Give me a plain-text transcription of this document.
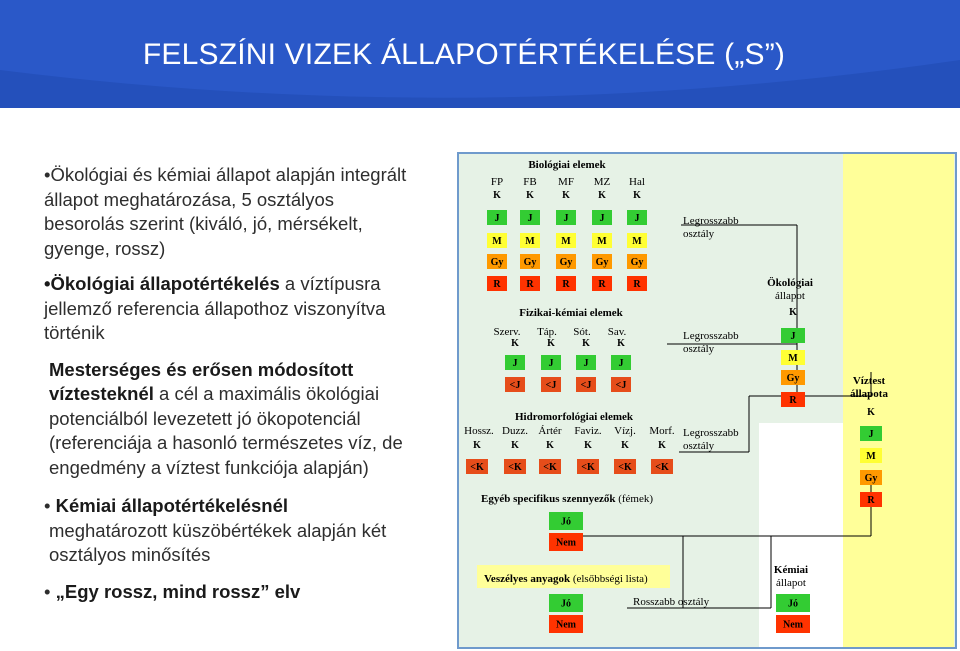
FELSZÍNI VIZEK ÁLLAPOTÉRTÉKELÉSE („S”)

•Ökológiai és kémiai állapot alapján integrált
állapot meghatározása, 5 osztályos
besorolás szerint (kiváló, jó, mérsékelt,
gyenge, rossz)

•Ökológiai állapotértékelés a víztípusra
jellemző referencia állapothoz viszonyítva
történik

Mesterséges és erősen módosított
víztesteknél a cél a maximális ökológiai
potenciálból levezetett jó ökopotenciál
(referenciája a hasonló természetes víz, de
engedmény a víztest funkciója alapján)

• Kémiai állapotértékelésnél
meghatározott küszöbértékek alapján két
osztályos minősítés

• „Egy rossz, mind rossz” elv

Biológiai elemek
FP
K
J
M
Gy
R
FB
K
J
M
Gy
R
MF
K
J
M
Gy
R
MZ
K
J
M
Gy
R
Hal
K
J
M
Gy
R
Legrosszabb
osztály
Legrosszabb
osztály
Legrosszabb
osztály
Fizikai-kémiai elemek
Szerv.
K
J
<J
Táp.
K
J
<J
Sót.
K
J
<J
Sav.
K
J
<J
Hidromorfológiai elemek
Hossz.
K
<K
Duzz.
K
<K
Ártér
K
<K
Faviz.
K
<K
Vízj.
K
<K
Morf.
K
<K
Ökológiai
állapot
K
J
M
Gy
R
Víztest
állapota
K
J
M
Gy
R
Egyéb specifikus szennyezők (fémek)
Jó
Nem
Veszélyes anyagok (elsőbbségi lista)
Jó
Nem
Rosszabb osztály
Kémiai
állapot
Jó
Nem
